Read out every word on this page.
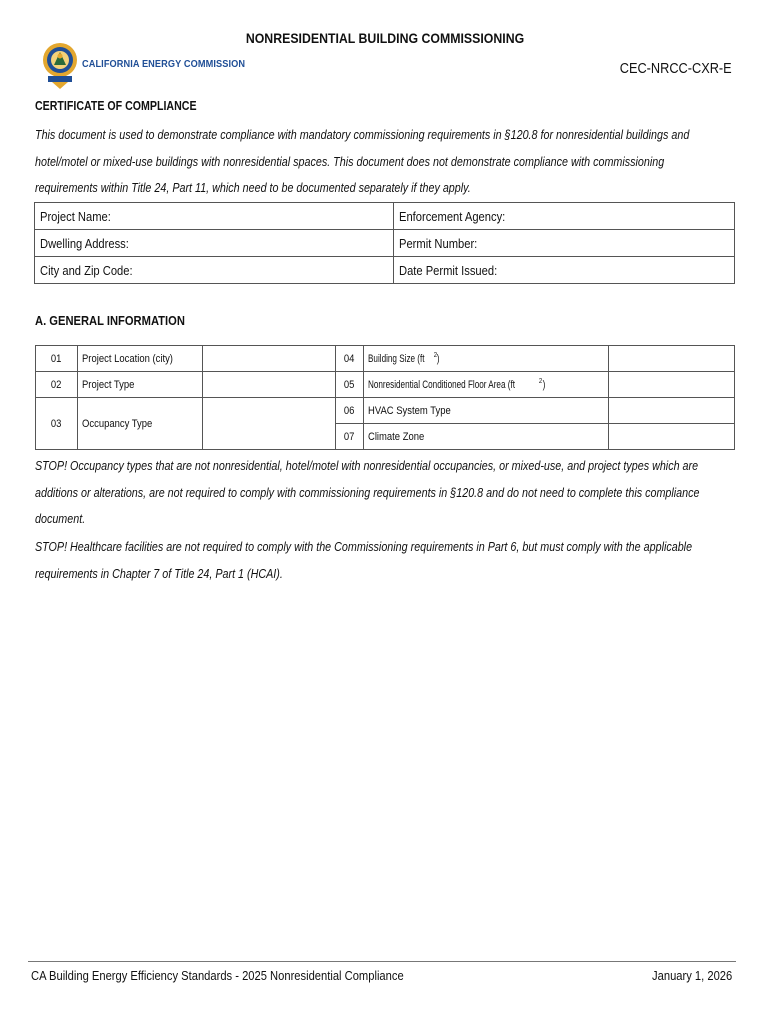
NONRESIDENTIAL BUILDING COMMISSIONING
CALIFORNIA ENERGY COMMISSION	CEC-NRCC-CXR-E
CERTIFICATE OF COMPLIANCE
This document is used to demonstrate compliance with mandatory commissioning requirements in §120.8 for nonresidential buildings and hotel/motel or mixed-use buildings with nonresidential spaces. This document does not demonstrate compliance with commissioning requirements within Title 24, Part 11, which need to be documented separately if they apply.
Project Name:	Enforcement Agency:
Dwelling Address:	Permit Number:
City and Zip Code:	Date Permit Issued:
A. GENERAL INFORMATION
01	Project Location (city)		04	Building Size (ft $^2$)	
02	Project Type		05	Nonresidential Conditioned Floor Area (ft $^2$)	
03	Occupancy Type		06	HVAC System Type	
			07	Climate Zone	
STOP! Occupancy types that are not nonresidential, hotel/motel with nonresidential occupancies, or mixed-use, and project types which are additions or alterations, are not required to comply with commissioning requirements in §120.8 and do not need to complete this compliance document.
STOP! Healthcare facilities are not required to comply with the Commissioning requirements in Part 6, but must comply with the applicable requirements in Chapter 7 of Title 24, Part 1 (HCAI).
CA Building Energy Efficiency Standards - 2025 Nonresidential Compliance	January 1, 2026
